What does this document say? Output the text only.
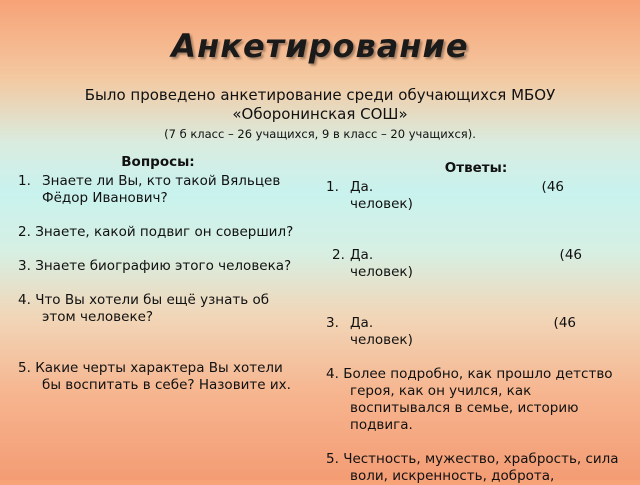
Анкетирование
Было проведено анкетирование среди обучающихся МБОУ «Оборонинская СОШ»
(7 б класс – 26 учащихся, 9 в класс – 20 учащихся).
Вопросы:
1. Знаете ли Вы, кто такой Вяльцев Фёдор Иванович?
2. Знаете, какой подвиг он совершил?
3. Знаете биографию этого человека?
4. Что Вы хотели бы ещё узнать об этом человеке?
5. Какие черты характера Вы хотели бы воспитать в себе? Назовите их.
Ответы:
1. Да.	(46
человек)
2. Да.	(46
человек)
3. Да.	(46
человек)
4. Более подробно, как прошло детство героя, как он учился, как воспитывался в семье, историю подвига.
5. Честность, мужество, храбрость, сила воли, искренность, доброта,
